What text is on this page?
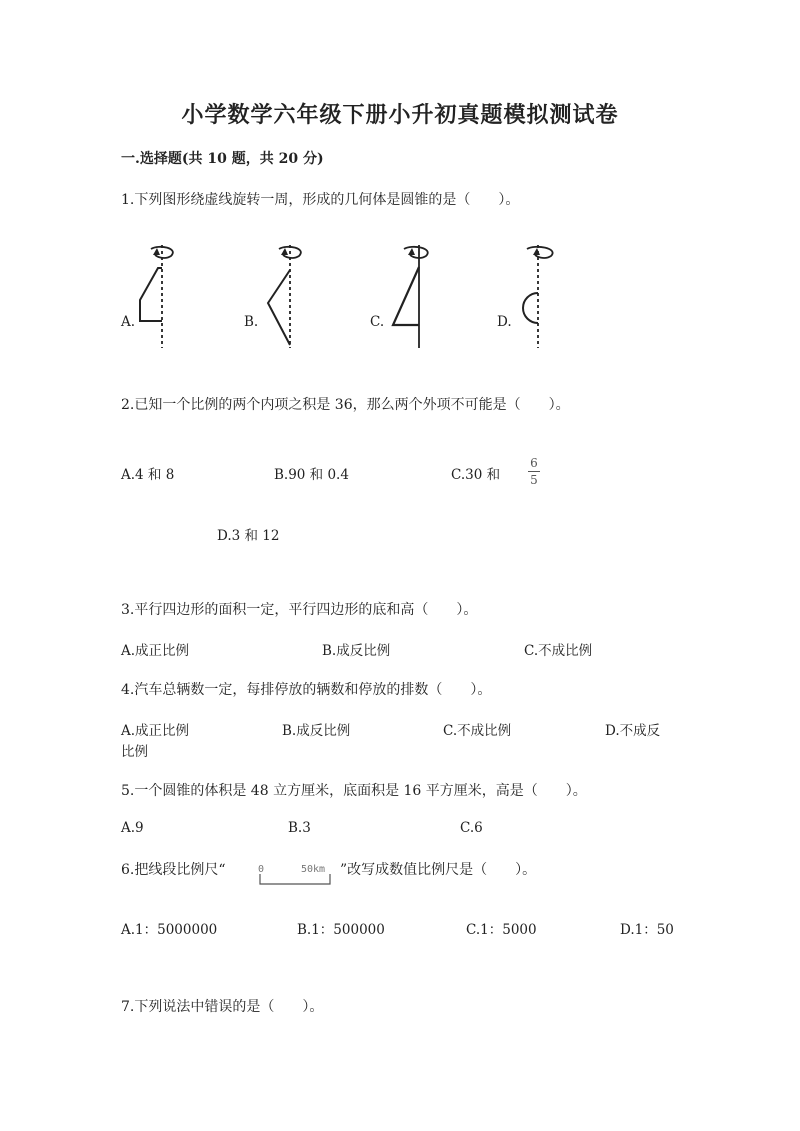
小学数学六年级下册小升初真题模拟测试卷
一.选择题(共 10 题，共 20 分)
1.下列图形绕虚线旋转一周，形成的几何体是圆锥的是（　　）。
A.	B.	C.	D.
2.已知一个比例的两个内项之积是 36，那么两个外项不可能是（　　）。
A.4 和 8	B.90 和 0.4	C.30 和
6
5
D.3 和 12
3.平行四边形的面积一定，平行四边形的底和高（　　）。
A.成正比例	B.成反比例	C.不成比例
4.汽车总辆数一定，每排停放的辆数和停放的排数（　　）。
A.成正比例	B.成反比例	C.不成比例	D.不成反
比例
5.一个圆锥的体积是 48 立方厘米，底面积是 16 平方厘米，高是（　　）。
A.9	B.3	C.6
6.把线段比例尺“	0	50km ”改写成数值比例尺是（　　）。
A.1：5000000	B.1：500000	C.1：5000	D.1：50
7.下列说法中错误的是（　　）。
